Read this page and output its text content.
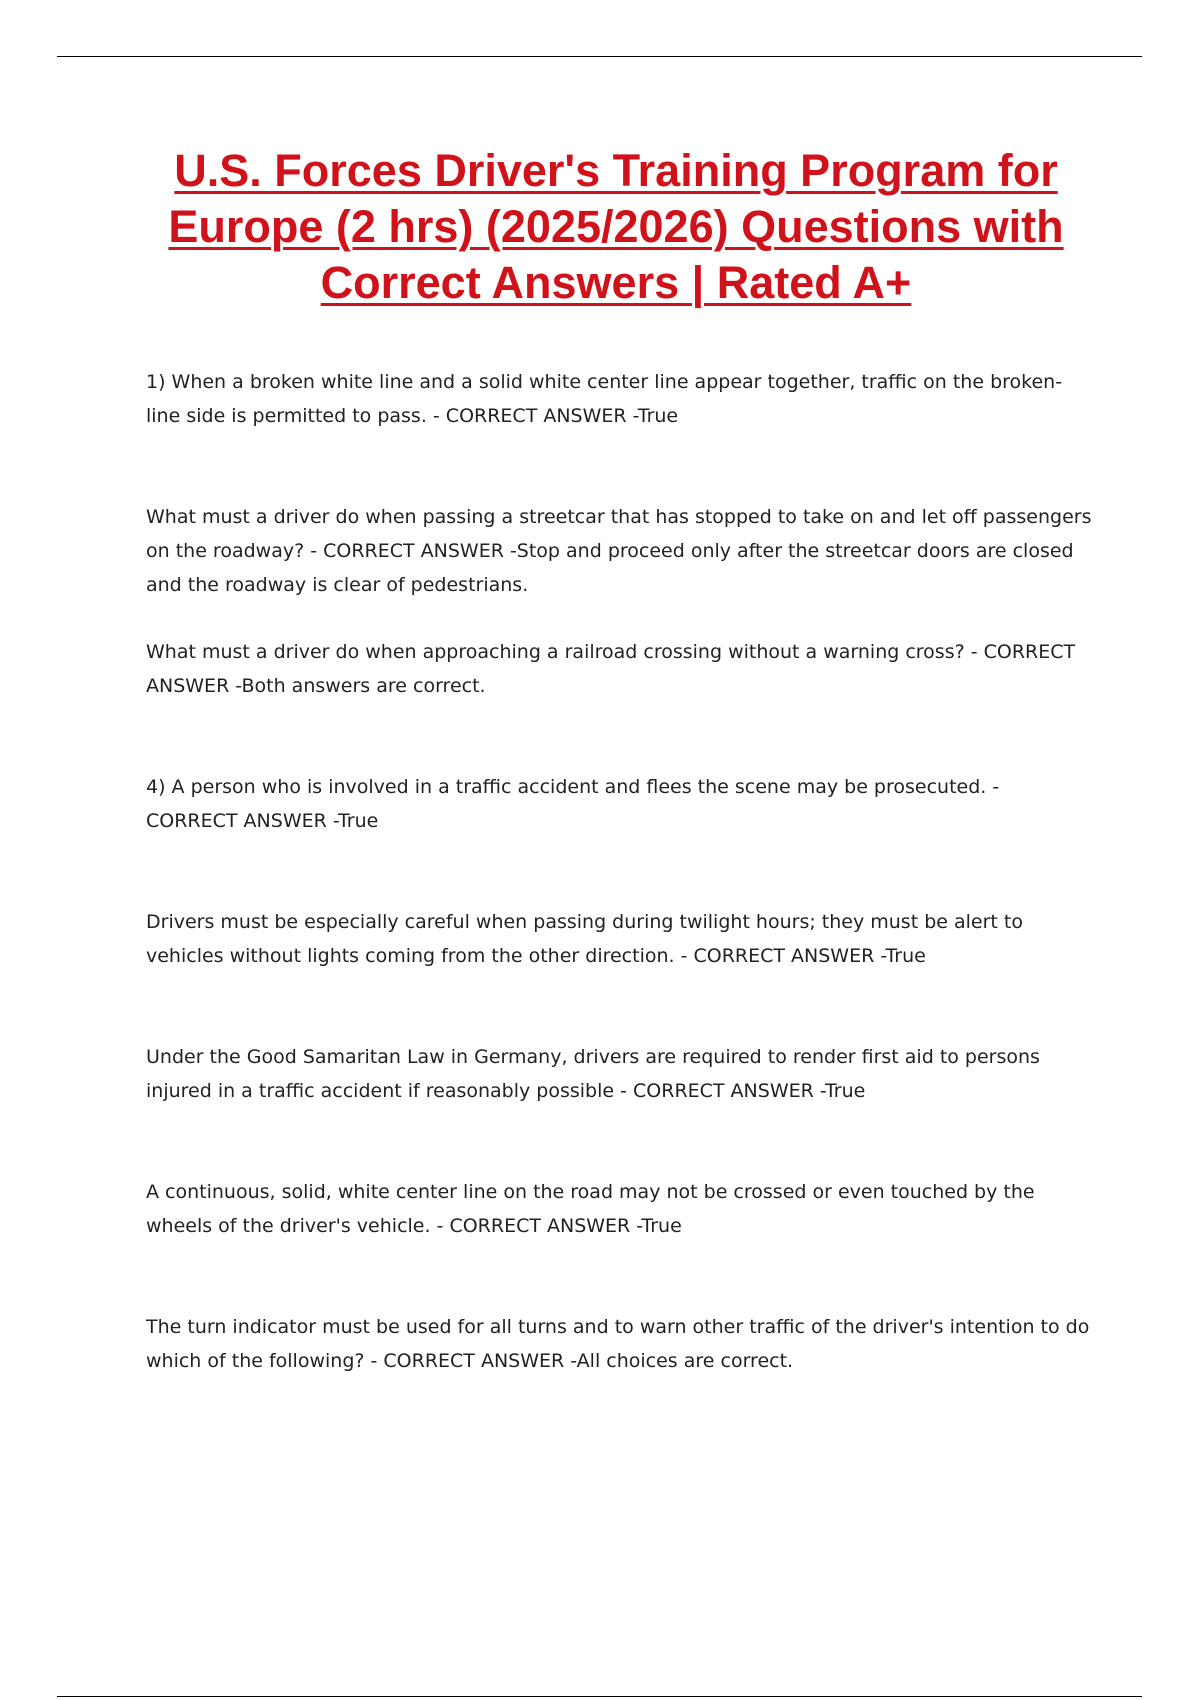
U.S. Forces Driver's Training Program for Europe (2 hrs) (2025/2026) Questions with Correct Answers | Rated A+
1) When a broken white line and a solid white center line appear together, traffic on the broken-line side is permitted to pass. - CORRECT ANSWER -True
What must a driver do when passing a streetcar that has stopped to take on and let off passengers on the roadway? - CORRECT ANSWER -Stop and proceed only after the streetcar doors are closed and the roadway is clear of pedestrians.
What must a driver do when approaching a railroad crossing without a warning cross? - CORRECT ANSWER -Both answers are correct.
4) A person who is involved in a traffic accident and flees the scene may be prosecuted. - CORRECT ANSWER -True
Drivers must be especially careful when passing during twilight hours; they must be alert to vehicles without lights coming from the other direction. - CORRECT ANSWER -True
Under the Good Samaritan Law in Germany, drivers are required to render first aid to persons injured in a traffic accident if reasonably possible - CORRECT ANSWER -True
A continuous, solid, white center line on the road may not be crossed or even touched by the wheels of the driver's vehicle. - CORRECT ANSWER -True
The turn indicator must be used for all turns and to warn other traffic of the driver's intention to do which of the following? - CORRECT ANSWER -All choices are correct.
